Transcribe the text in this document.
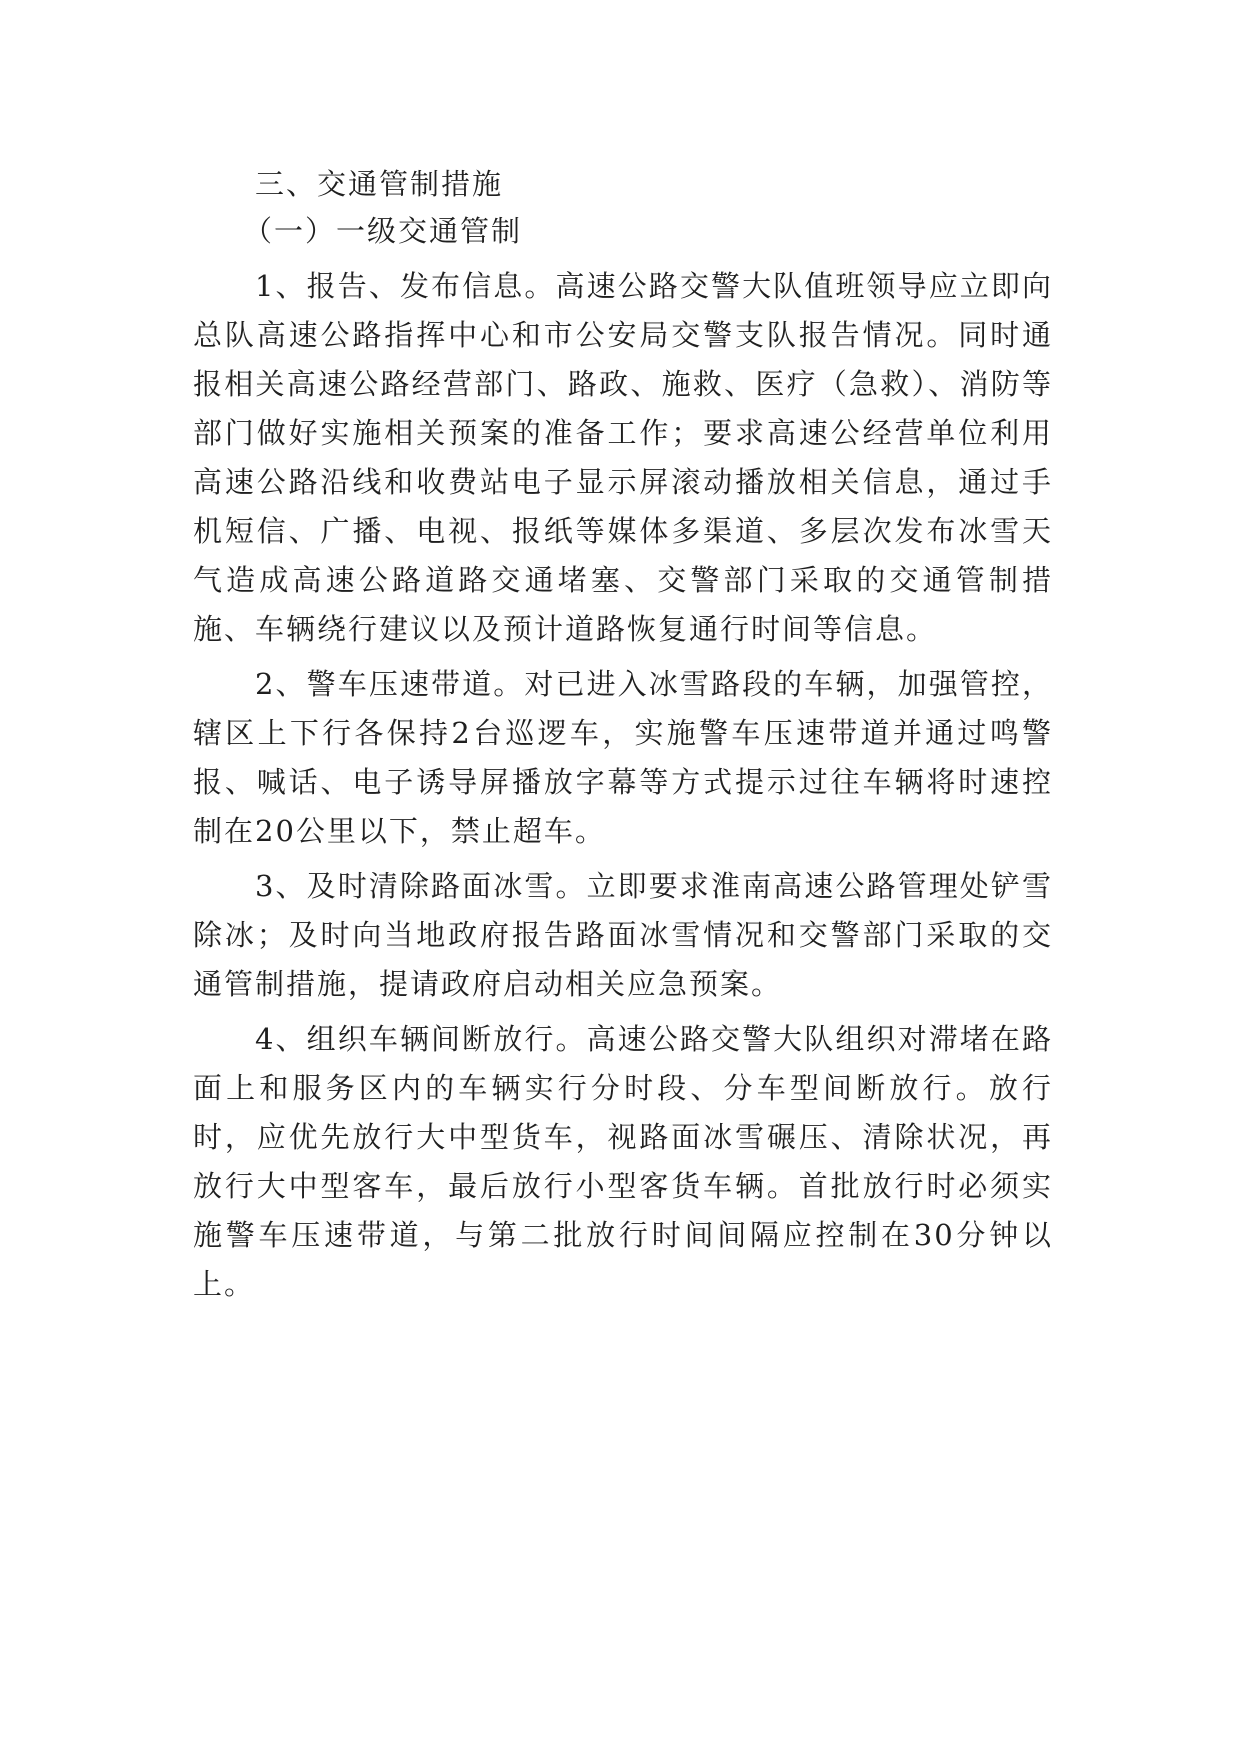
三、交通管制措施

（一）一级交通管制

1、报告、发布信息。高速公路交警大队值班领导应立即向总队高速公路指挥中心和市公安局交警支队报告情况。同时通报相关高速公路经营部门、路政、施救、医疗（急救）、消防等部门做好实施相关预案的准备工作；要求高速公经营单位利用高速公路沿线和收费站电子显示屏滚动播放相关信息，通过手机短信、广播、电视、报纸等媒体多渠道、多层次发布冰雪天气造成高速公路道路交通堵塞、交警部门采取的交通管制措施、车辆绕行建议以及预计道路恢复通行时间等信息。

2、警车压速带道。对已进入冰雪路段的车辆，加强管控，辖区上下行各保持2台巡逻车，实施警车压速带道并通过鸣警报、喊话、电子诱导屏播放字幕等方式提示过往车辆将时速控制在20公里以下，禁止超车。

3、及时清除路面冰雪。立即要求淮南高速公路管理处铲雪除冰；及时向当地政府报告路面冰雪情况和交警部门采取的交通管制措施，提请政府启动相关应急预案。

4、组织车辆间断放行。高速公路交警大队组织对滞堵在路面上和服务区内的车辆实行分时段、分车型间断放行。放行时，应优先放行大中型货车，视路面冰雪碾压、清除状况，再放行大中型客车，最后放行小型客货车辆。首批放行时必须实施警车压速带道，与第二批放行时间间隔应控制在30分钟以上。
